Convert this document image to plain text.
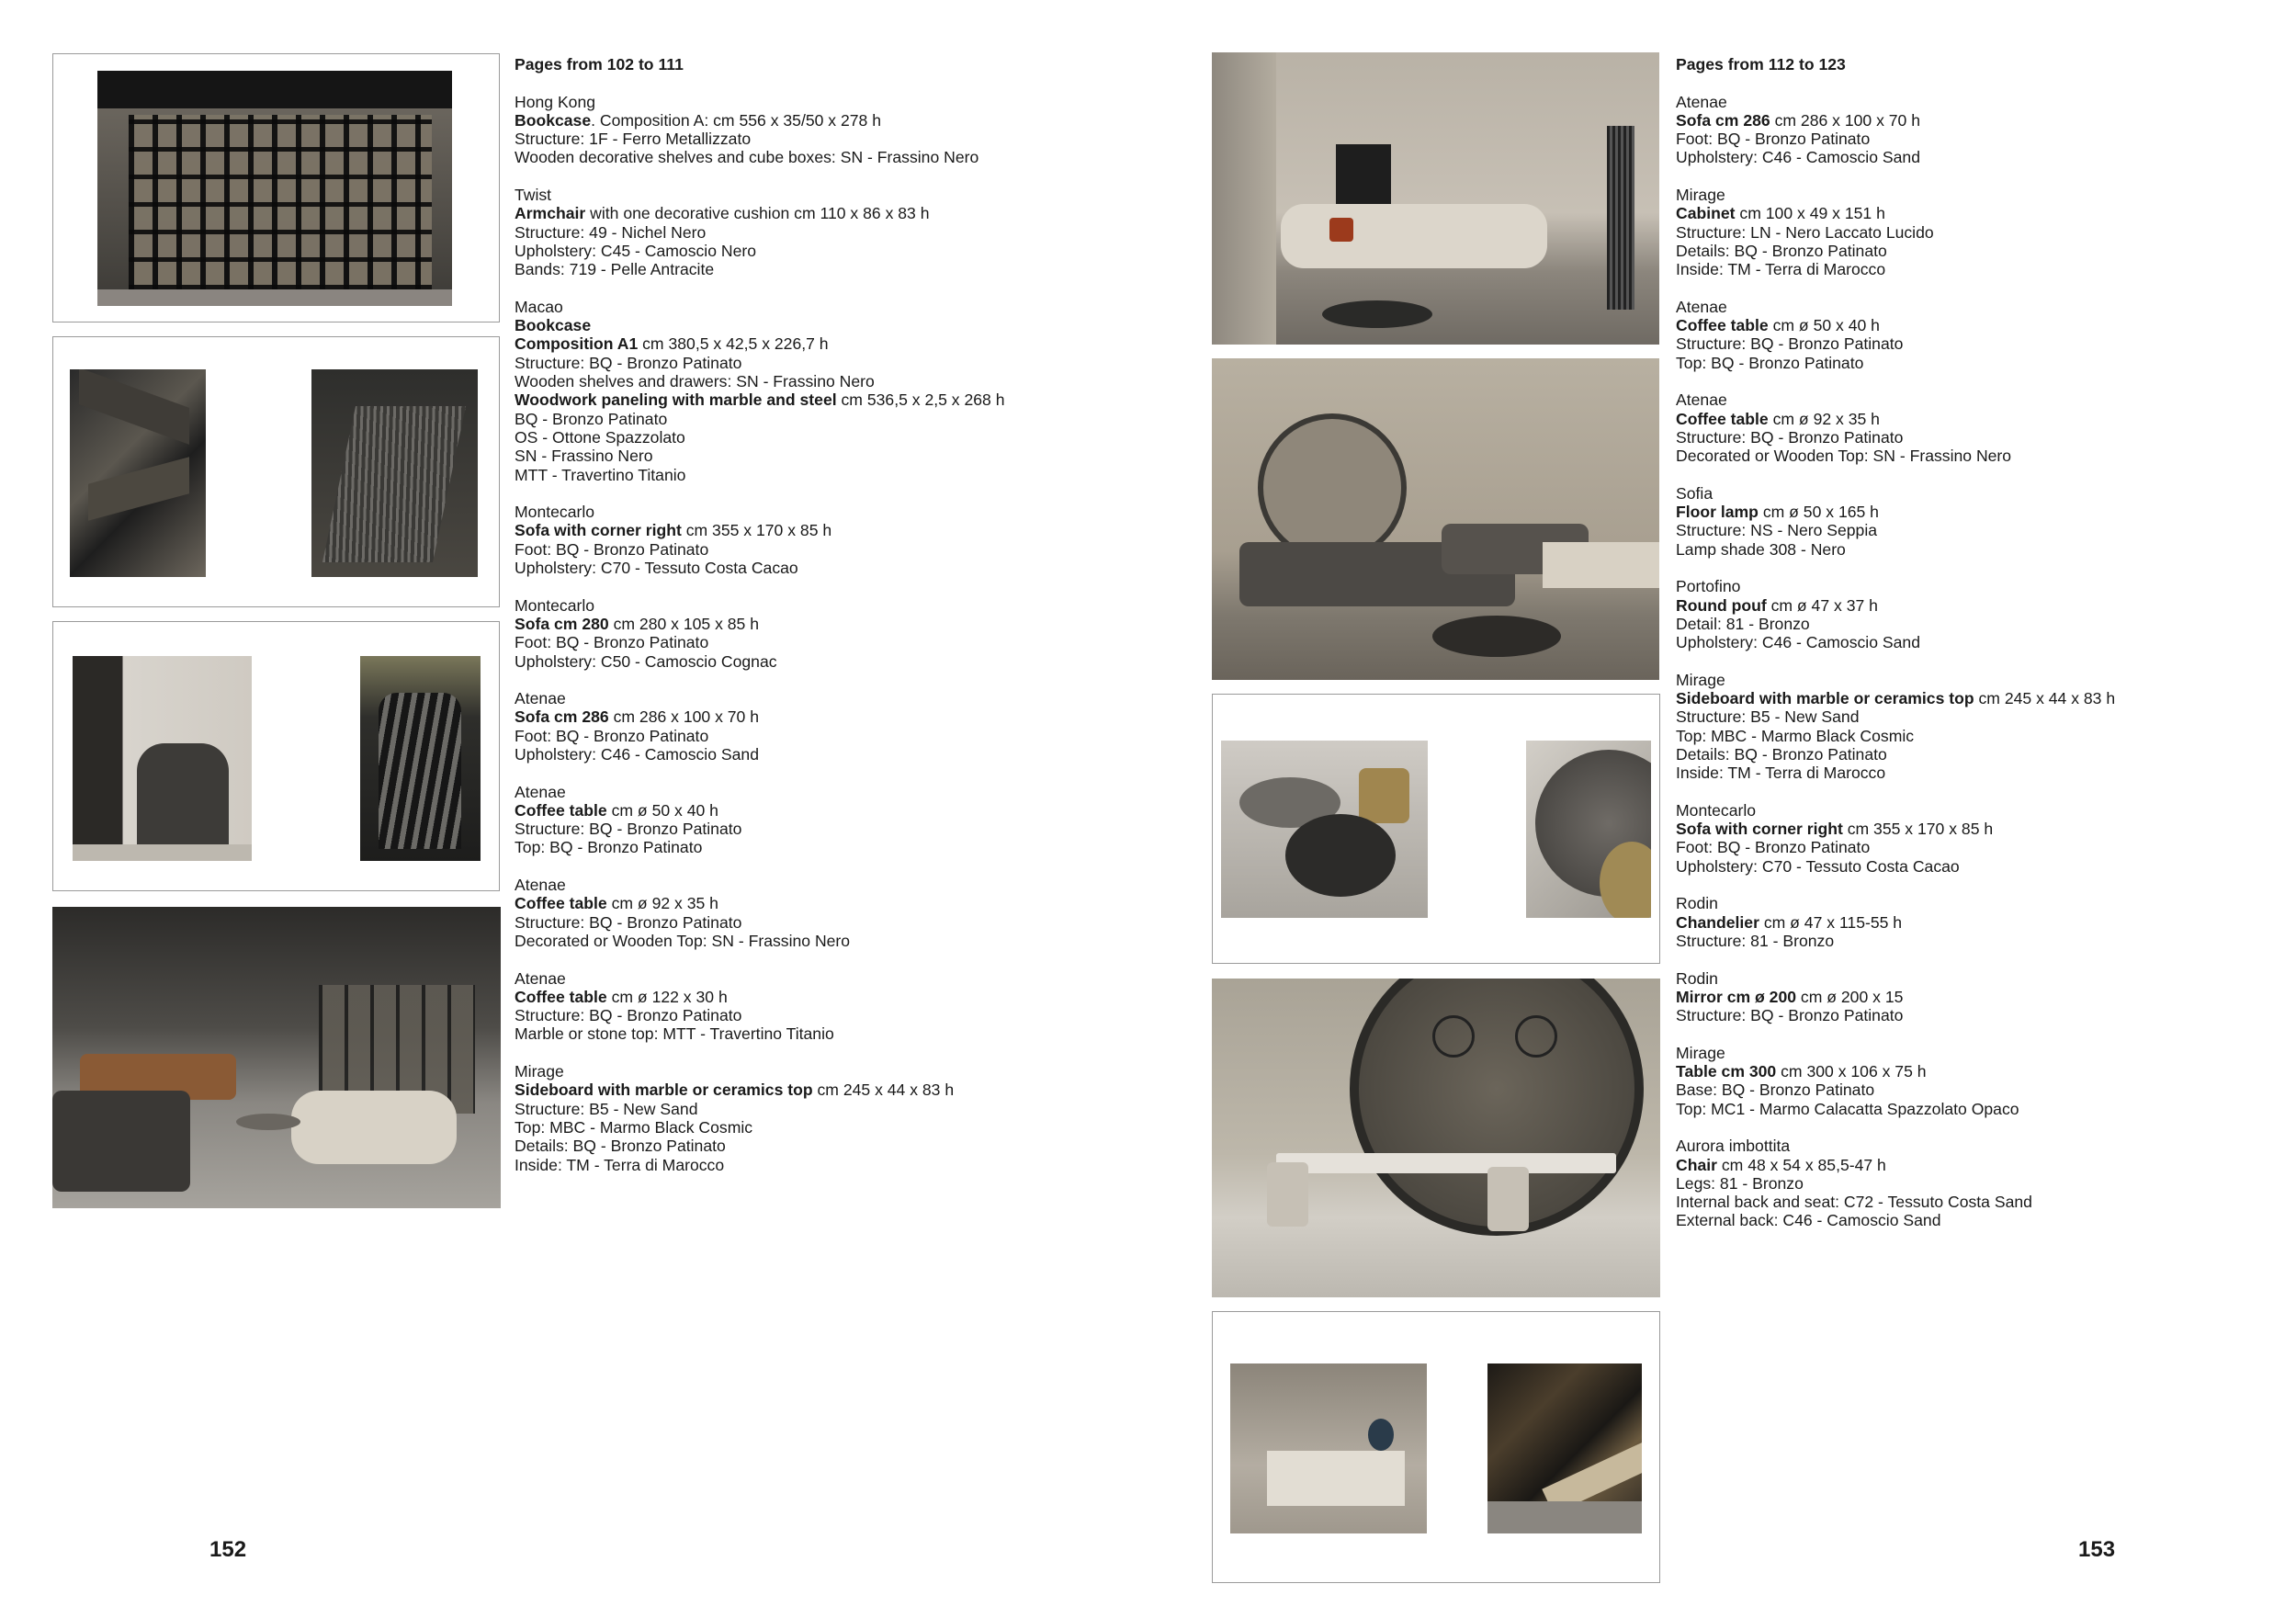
Pages from 102 to 111
Hong Kong
Bookcase. Composition A: cm 556 x 35/50 x 278 h
Structure: 1F - Ferro Metallizzato
Wooden decorative shelves and cube boxes: SN - Frassino Nero
Twist
Armchair with one decorative cushion cm 110 x 86 x 83 h
Structure: 49 - Nichel Nero
Upholstery: C45 - Camoscio Nero
Bands: 719 - Pelle Antracite
Macao
Bookcase
Composition A1 cm 380,5 x 42,5 x 226,7 h
Structure: BQ - Bronzo Patinato
Wooden shelves and drawers: SN - Frassino Nero
Woodwork paneling with marble and steel cm 536,5 x 2,5 x 268 h
BQ - Bronzo Patinato
OS - Ottone Spazzolato
SN - Frassino Nero
MTT - Travertino Titanio
Montecarlo
Sofa with corner right cm 355 x 170 x 85 h
Foot: BQ - Bronzo Patinato
Upholstery: C70 - Tessuto Costa Cacao
Montecarlo
Sofa cm 280 cm 280 x 105 x 85 h
Foot: BQ - Bronzo Patinato
Upholstery: C50 - Camoscio Cognac
Atenae
Sofa cm 286 cm 286 x 100 x 70 h
Foot: BQ - Bronzo Patinato
Upholstery: C46 - Camoscio Sand
Atenae
Coffee table cm ø 50 x 40 h
Structure: BQ - Bronzo Patinato
Top: BQ - Bronzo Patinato
Atenae
Coffee table cm ø 92 x 35 h
Structure: BQ - Bronzo Patinato
Decorated or Wooden Top: SN - Frassino Nero
Atenae
Coffee table cm ø 122 x 30 h
Structure: BQ - Bronzo Patinato
Marble or stone top: MTT - Travertino Titanio
Mirage
Sideboard with marble or ceramics top cm 245 x 44 x 83 h
Structure: B5 - New Sand
Top: MBC - Marmo Black Cosmic
Details: BQ - Bronzo Patinato
Inside: TM - Terra di Marocco
Pages from 112 to 123
Atenae
Sofa cm 286 cm 286 x 100 x 70 h
Foot: BQ - Bronzo Patinato
Upholstery: C46 - Camoscio Sand
Mirage
Cabinet cm 100 x 49 x 151 h
Structure: LN - Nero Laccato Lucido
Details: BQ - Bronzo Patinato
Inside: TM - Terra di Marocco
Atenae
Coffee table cm ø 50 x 40 h
Structure: BQ - Bronzo Patinato
Top: BQ - Bronzo Patinato
Atenae
Coffee table cm ø 92 x 35 h
Structure: BQ - Bronzo Patinato
Decorated or Wooden Top: SN - Frassino Nero
Sofia
Floor lamp cm ø 50 x 165 h
Structure: NS - Nero Seppia
Lamp shade 308 - Nero
Portofino
Round pouf cm ø 47 x 37 h
Detail: 81 - Bronzo
Upholstery: C46 - Camoscio Sand
Mirage
Sideboard with marble or ceramics top cm 245 x 44 x 83 h
Structure: B5 - New Sand
Top: MBC - Marmo Black Cosmic
Details: BQ - Bronzo Patinato
Inside: TM - Terra di Marocco
Montecarlo
Sofa with corner right cm 355 x 170 x 85 h
Foot: BQ - Bronzo Patinato
Upholstery: C70 - Tessuto Costa Cacao
Rodin
Chandelier cm ø 47 x 115-55 h
Structure: 81 - Bronzo
Rodin
Mirror cm ø 200 cm ø 200 x 15
Structure: BQ - Bronzo Patinato
Mirage
Table cm 300 cm 300 x 106 x 75 h
Base: BQ - Bronzo Patinato
Top: MC1 - Marmo Calacatta Spazzolato Opaco
Aurora imbottita
Chair cm 48 x 54 x 85,5-47 h
Legs: 81 - Bronzo
Internal back and seat: C72 - Tessuto Costa Sand
External back: C46 - Camoscio Sand
152	153
